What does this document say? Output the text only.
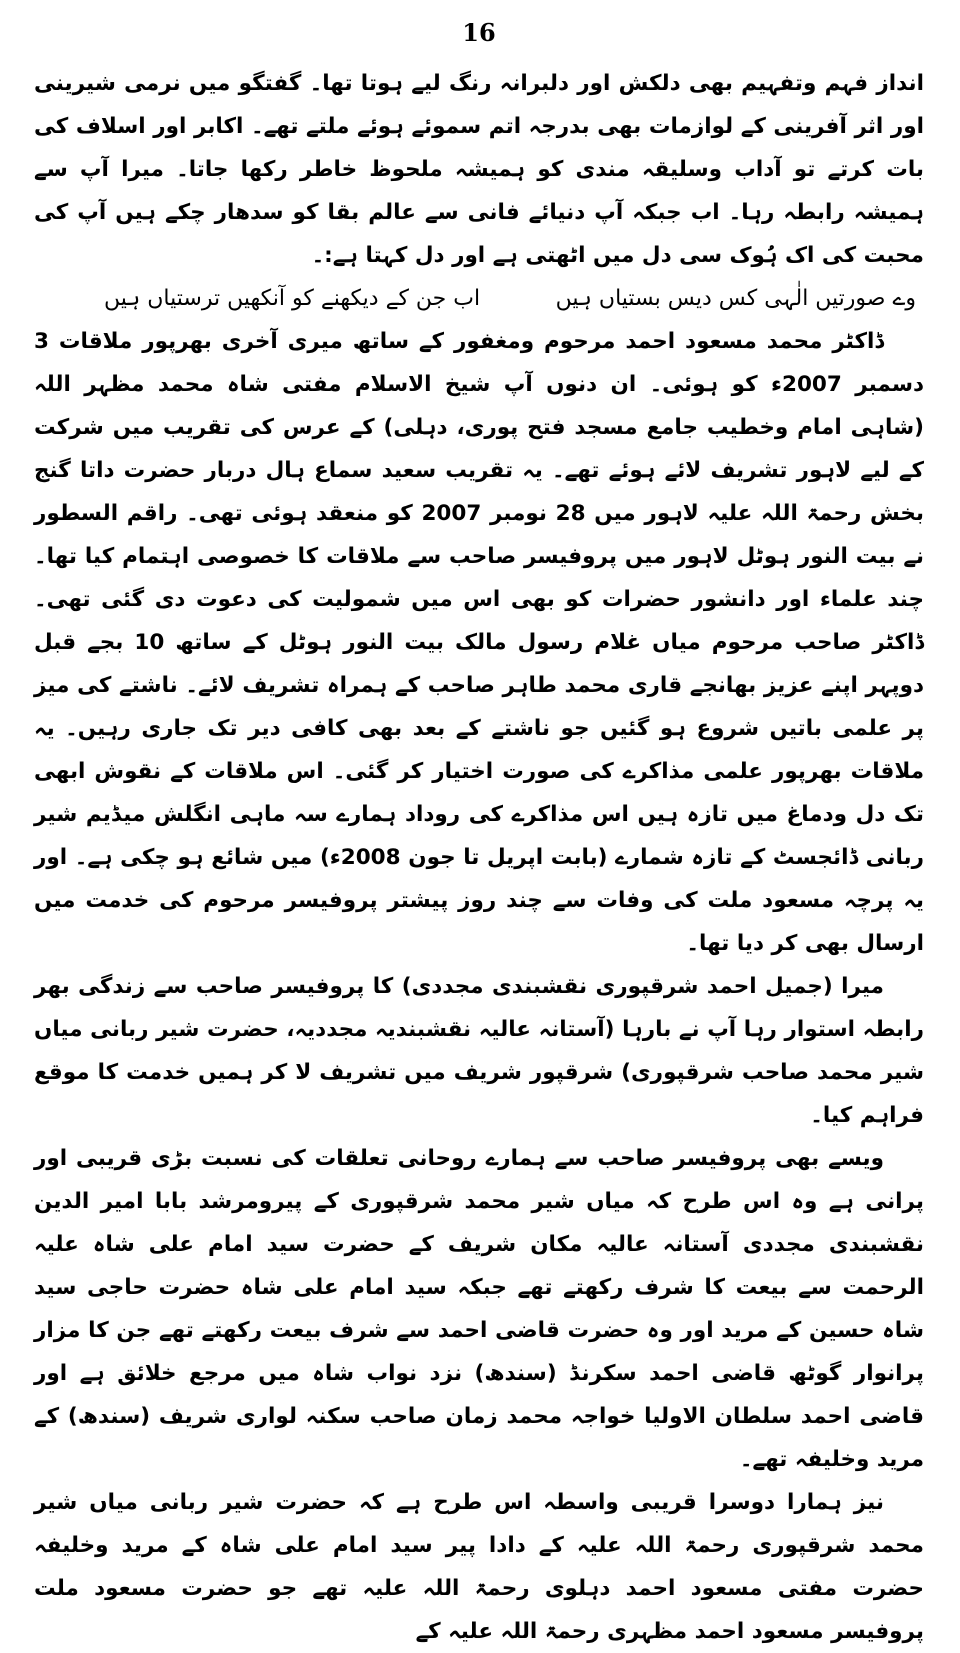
16

انداز فہم وتفہیم بھی دلکش اور دلبرانہ رنگ لیے ہوتا تھا۔ گفتگو میں نرمی شیرینی اور اثر آفرینی کے لوازمات بھی بدرجہ اتم سموئے ہوئے ملتے تھے۔ اکابر اور اسلاف کی بات کرتے تو آداب وسلیقہ مندی کو ہمیشہ ملحوظ خاطر رکھا جاتا۔ میرا آپ سے ہمیشہ رابطہ رہا۔ اب جبکہ آپ دنیائے فانی سے عالم بقا کو سدھار چکے ہیں آپ کی محبت کی اک ہُوک سی دل میں اٹھتی ہے اور دل کہتا ہے:۔

وے صورتیں الٰہی کس دیس بستیاں ہیں
اب جن کے دیکھنے کو آنکھیں ترستیاں ہیں

ڈاکٹر محمد مسعود احمد مرحوم ومغفور کے ساتھ میری آخری بھرپور ملاقات 3 دسمبر 2007ء کو ہوئی۔ ان دنوں آپ شیخ الاسلام مفتی شاہ محمد مظہر اللہ (شاہی امام وخطیب جامع مسجد فتح پوری، دہلی) کے عرس کی تقریب میں شرکت کے لیے لاہور تشریف لائے ہوئے تھے۔ یہ تقریب سعید سماع ہال دربار حضرت داتا گنج بخش رحمۃ اللہ علیہ لاہور میں 28 نومبر 2007 کو منعقد ہوئی تھی۔ راقم السطور نے بیت النور ہوٹل لاہور میں پروفیسر صاحب سے ملاقات کا خصوصی اہتمام کیا تھا۔ چند علماء اور دانشور حضرات کو بھی اس میں شمولیت کی دعوت دی گئی تھی۔ ڈاکٹر صاحب مرحوم میاں غلام رسول مالک بیت النور ہوٹل کے ساتھ 10 بجے قبل دوپہر اپنے عزیز بھانجے قاری محمد طاہر صاحب کے ہمراہ تشریف لائے۔ ناشتے کی میز پر علمی باتیں شروع ہو گئیں جو ناشتے کے بعد بھی کافی دیر تک جاری رہیں۔ یہ ملاقات بھرپور علمی مذاکرے کی صورت اختیار کر گئی۔ اس ملاقات کے نقوش ابھی تک دل ودماغ میں تازہ ہیں اس مذاکرے کی روداد ہمارے سہ ماہی انگلش میڈیم شیر ربانی ڈائجسٹ کے تازہ شمارے (بابت اپریل تا جون 2008ء) میں شائع ہو چکی ہے۔ اور یہ پرچہ مسعود ملت کی وفات سے چند روز پیشتر پروفیسر مرحوم کی خدمت میں ارسال بھی کر دیا تھا۔

میرا (جمیل احمد شرقپوری نقشبندی مجددی) کا پروفیسر صاحب سے زندگی بھر رابطہ استوار رہا آپ نے بارہا (آستانہ عالیہ نقشبندیہ مجددیہ، حضرت شیر ربانی میاں شیر محمد صاحب شرقپوری) شرقپور شریف میں تشریف لا کر ہمیں خدمت کا موقع فراہم کیا۔

ویسے بھی پروفیسر صاحب سے ہمارے روحانی تعلقات کی نسبت بڑی قریبی اور پرانی ہے وہ اس طرح کہ میاں شیر محمد شرقپوری کے پیرومرشد بابا امیر الدین نقشبندی مجددی آستانہ عالیہ مکان شریف کے حضرت سید امام علی شاہ علیہ الرحمت سے بیعت کا شرف رکھتے تھے جبکہ سید امام علی شاہ حضرت حاجی سید شاہ حسین کے مرید اور وہ حضرت قاضی احمد سے شرف بیعت رکھتے تھے جن کا مزار پرانوار گوٹھ قاضی احمد سکرنڈ (سندھ) نزد نواب شاہ میں مرجع خلائق ہے اور قاضی احمد سلطان الاولیا خواجہ محمد زمان صاحب سکنہ لواری شریف (سندھ) کے مرید وخلیفہ تھے۔

نیز ہمارا دوسرا قریبی واسطہ اس طرح ہے کہ حضرت شیر ربانی میاں شیر محمد شرقپوری رحمۃ اللہ علیہ کے دادا پیر سید امام علی شاہ کے مرید وخلیفہ حضرت مفتی مسعود احمد دہلوی رحمۃ اللہ علیہ تھے جو حضرت مسعود ملت پروفیسر مسعود احمد مظہری رحمۃ اللہ علیہ کے
